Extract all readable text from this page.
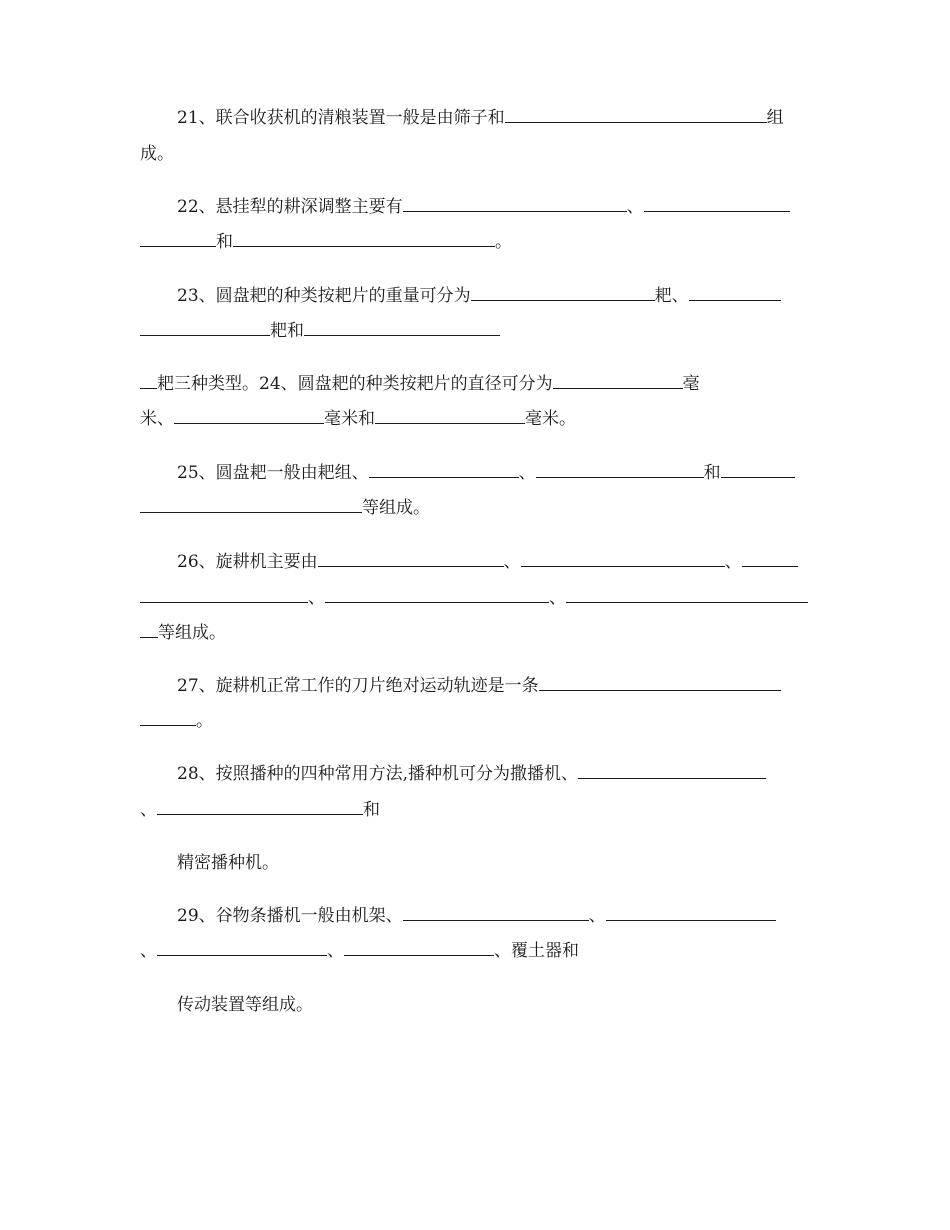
21、联合收获机的清粮装置一般是由筛子和	组
成。
22、悬挂犁的耕深调整主要有	、
和	。
23、圆盘耙的种类按耙片的重量可分为	耙、
耙和
耙三种类型。24、圆盘耙的种类按耙片的直径可分为	毫
米、	毫米和	毫米。
25、圆盘耙一般由耙组、	、	和
等组成。
26、旋耕机主要由	、	、
、	、
等组成。
27、旋耕机正常工作的刀片绝对运动轨迹是一条
。
28、按照播种的四种常用方法,播种机可分为撒播机、
、	和
精密播种机。
29、谷物条播机一般由机架、	、
、	、	、覆土器和
传动装置等组成。
